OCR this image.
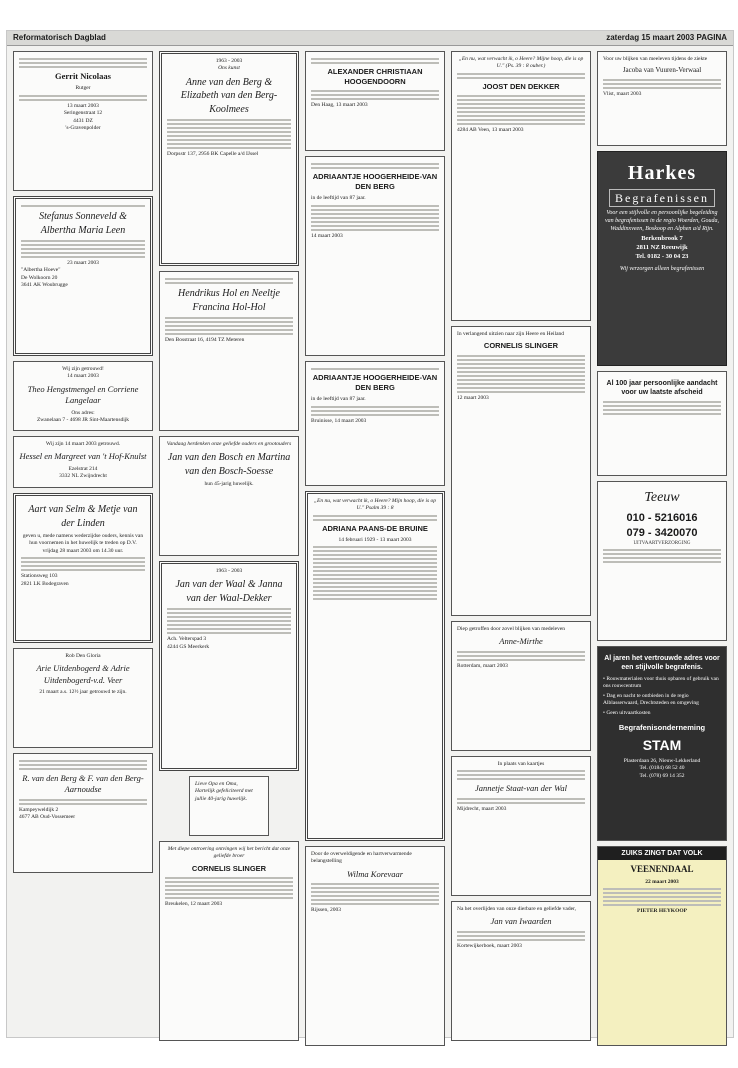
Reformatorisch Dagblad	zaterdag 15 maart 2003 PAGINA
Gerrit Nicolaas
Rutger
13 maart 2003
Seringenstraat 12
4431 DZ
's-Gravenpolder
Stefanus Sonneveld & Albertha Maria Leen
23 maart 2003
"Albertha Hoeve"
De Wolkoorn 20
3641 AK Woubrugge
Wij zijn getrouwd!
14 maart 2003
Theo Hengstmengel en Corriene Langelaar
Ons adres:
Zwanelaan 7 - 4698 JR Sint-Maartensdijk
Wij zijn 14 maart 2003 getrouwd.
Hessel en Margreet van 't Hof-Knulst
Ezelstrat 214
3332 NL Zwijndrecht
Aart van Selm & Metje van der Linden

geven u, mede namens wederzijdse ouders, kennis van hun voornemen in het huwelijk te treden op D.V. vrijdag 28 maart 2003 om 14.30 uur.

Stationsweg 103
2821 LK Bodegraven
Rob Den Gloria
Arie Uitdenbogerd & Adrie Uitdenbogerd-v.d. Veer

21 maart a.s. 12½ jaar getrouwd te zijn.

R. van den Berg & F. van den Berg-Aarnoudse
Kampeyweldijk 2
4677 AB Oud-Vossemeer
1963 - 2003
Ons kunst
Anne van den Berg & Elizabeth van den Berg-Koolmees
Dorpsstr 137, 2956 BK Capelle a/d IJssel
Hendrikus Hol en Neeltje Francina Hol-Hol
Den Bosstraat 16, 4194 TZ Meteren
Vandaag herdenken onze geliefde ouders en grootouders
Jan van den Bosch en Martina van den Bosch-Soesse

hun 45-jarig huwelijk.

1963 - 2003
Jan van der Waal & Janna van der Waal-Dekker
Ach. Velterspad 3
4244 GS Meerkerk
Lieve Opa en Oma,
Hartelijk gefeliciteerd met jullie 40-jarig huwelijk.
Met diepe ontroering ontvingen wij het bericht dat onze geliefde broer
CORNELIS SLINGER
Breukelen, 12 maart 2003
ALEXANDER CHRISTIAAN HOOGENDOORN
Den Haag, 13 maart 2003
ADRIAANTJE HOOGERHEIDE-VAN DEN BERG

in de leeftijd van 87 jaar.

14 maart 2003
ADRIAANTJE HOOGERHEIDE-VAN DEN BERG

in de leeftijd van 87 jaar.

Bruinisse, 14 maart 2003
„En nu, wat verwacht ik, o Heere? Mijn hoop, die is op U." Psalm 39 : 8
ADRIANA PAANS-DE BRUINE
14 februari 1929 - 13 maart 2003
Door de overweldigende en hartverwarmende belangstelling
Wilma Korevaar
Rijssen, 2003
„En nu, wat verwacht ik, o Heere? Mijne hoop, die is op U." (Ps. 39 : 8 ouber.)
JOOST DEN DEKKER
4284 AB Veen, 13 maart 2003
In verlangend uitzien naar zijn Heere en Heiland
CORNELIS SLINGER
12 maart 2003
Diep getroffen door zovel blijken van medeleven
Anne-Mirthe
Rotterdam, maart 2003
In plaats van kaartjes
Jannetje Staat-van der Wal
Mijdrecht, maart 2003
Na het overlijden van onze dierbare en geliefde vader,
Jan van Iwaarden
Kortewijkerboek, maart 2003
Voor uw blijken van meeleven tijdens de ziekte
Jacoba van Vuuren-Verwaal
Vlist, maart 2003
Harkes
Begrafenissen

Voor een stijlvolle en persoonlijke begeleiding van begrafenissen in de regio Woerden, Gouda, Waddinxveen, Boskoop en Alphen a/d Rijn.

Berkenbrook 7
2811 NZ Reeuwijk
Tel. 0182 - 30 04 23
Wij verzorgen alleen begrafenissen
Al 100 jaar persoonlijke aandacht voor uw laatste afscheid
Teeuw
010 - 5216016
079 - 3420070
UITVAARTVERZORGING
Al jaren het vertrouwde adres voor een stijlvolle begrafenis.
• Rouwmaterialen voor thuis opbaren of gebruik van ons rouwcentrum
• Dag en nacht te ontbieden in de regio Alblasserwaard, Drechtsteden en omgeving
• Geen uitvaartkosten
Begrafenisonderneming
STAM
Plasterdaan 26, Nieuw-Lekkerland
Tel. (0184) 68 52 40
Tel. (078) 69 14 352
ZUIKS ZINGT DAT VOLK
VEENENDAAL
22 maart 2003
PIETER HEYKOOP
